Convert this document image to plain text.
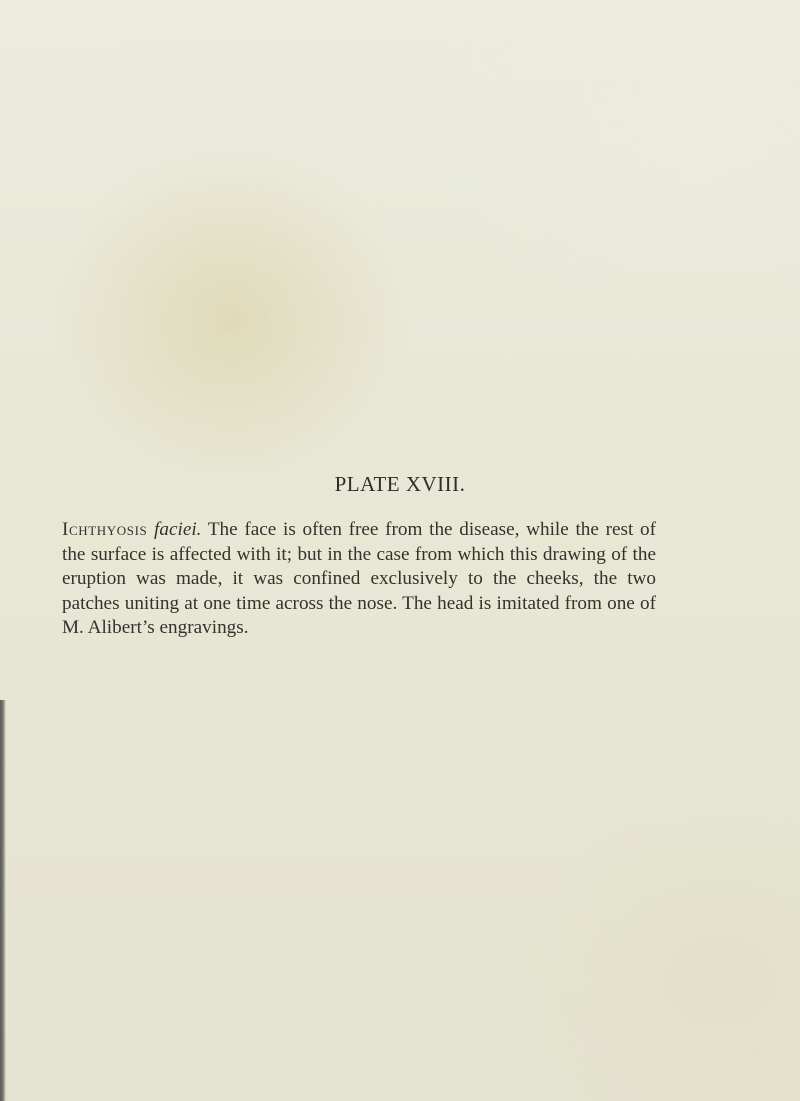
PLATE XVIII.

Ichthyosis faciei. The face is often free from the disease, while the rest of the surface is affected with it; but in the case from which this drawing of the eruption was made, it was confined exclusively to the cheeks, the two patches uniting at one time across the nose. The head is imitated from one of M. Alibert’s engravings.
